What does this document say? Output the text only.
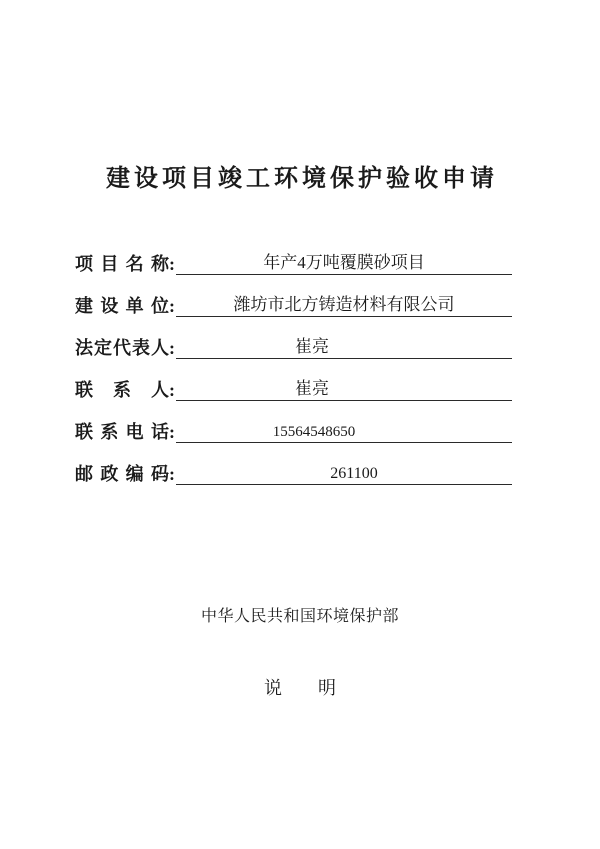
建设项目竣工环境保护验收申请
项目名称 :	年产4万吨覆膜砂项目
建设单位 :	潍坊市北方铸造材料有限公司
法定代表人 :	崔亮
联系人 :	崔亮
联系电话 :	15564548650
邮政编码 :	261100
中华人民共和国环境保护部
说　　明
